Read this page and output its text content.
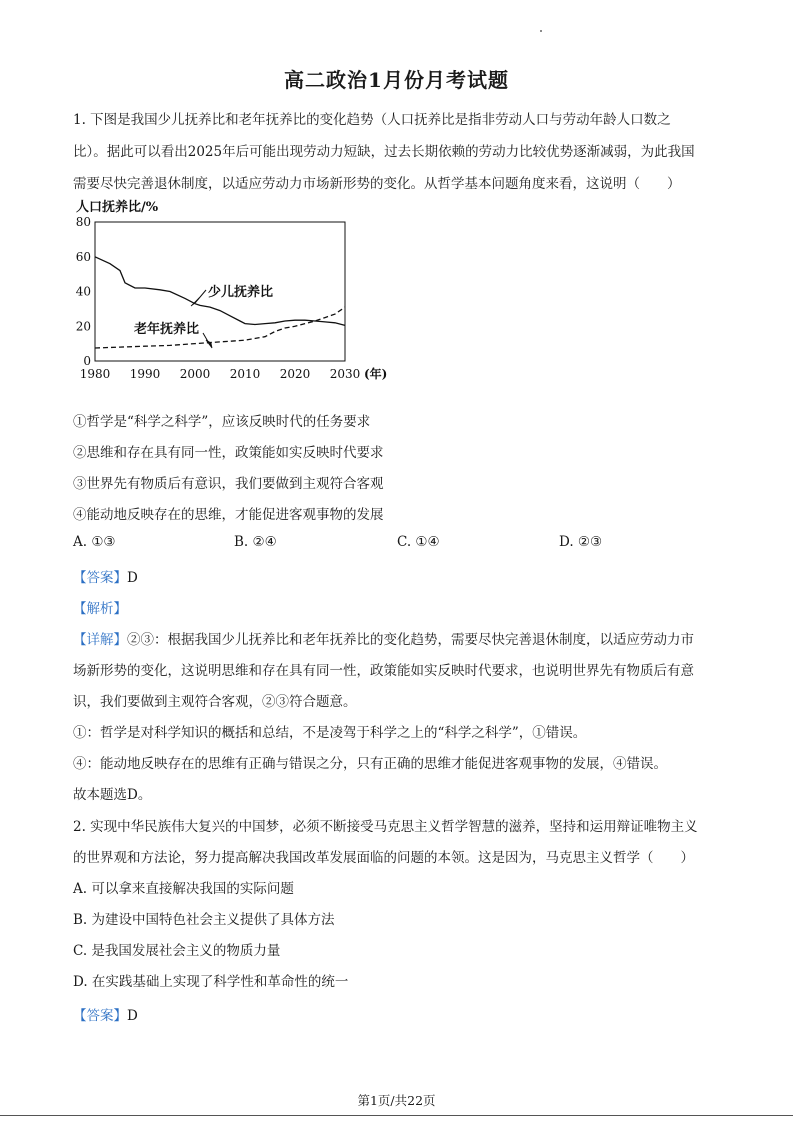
高二政治1月份月考试题
1. 下图是我国少儿抚养比和老年抚养比的变化趋势（人口抚养比是指非劳动人口与劳动年龄人口数之
比）。据此可以看出2025年后可能出现劳动力短缺，过去长期依赖的劳动力比较优势逐渐减弱，为此我国
需要尽快完善退休制度，以适应劳动力市场新形势的变化。从哲学基本问题角度来看，这说明（　　）
人口抚养比/%
0
20
40
60
80
1980 1990 2000 2010 2020 2030 (年)
少儿抚养比
老年抚养比
①哲学是“科学之科学”，应该反映时代的任务要求
②思维和存在具有同一性，政策能如实反映时代要求
③世界先有物质后有意识，我们要做到主观符合客观
④能动地反映存在的思维，才能促进客观事物的发展
A. ①③	B. ②④	C. ①④	D. ②③
【答案】D
【解析】
【详解】②③：根据我国少儿抚养比和老年抚养比的变化趋势，需要尽快完善退休制度，以适应劳动力市
场新形势的变化，这说明思维和存在具有同一性，政策能如实反映时代要求，也说明世界先有物质后有意
识，我们要做到主观符合客观，②③符合题意。
①：哲学是对科学知识的概括和总结，不是凌驾于科学之上的“科学之科学”，①错误。
④：能动地反映存在的思维有正确与错误之分，只有正确的思维才能促进客观事物的发展，④错误。
故本题选D。
2. 实现中华民族伟大复兴的中国梦，必须不断接受马克思主义哲学智慧的滋养，坚持和运用辩证唯物主义
的世界观和方法论，努力提高解决我国改革发展面临的问题的本领。这是因为，马克思主义哲学（　　）
A. 可以拿来直接解决我国的实际问题
B. 为建设中国特色社会主义提供了具体方法
C. 是我国发展社会主义的物质力量
D. 在实践基础上实现了科学性和革命性的统一
【答案】D
第1页/共22页
